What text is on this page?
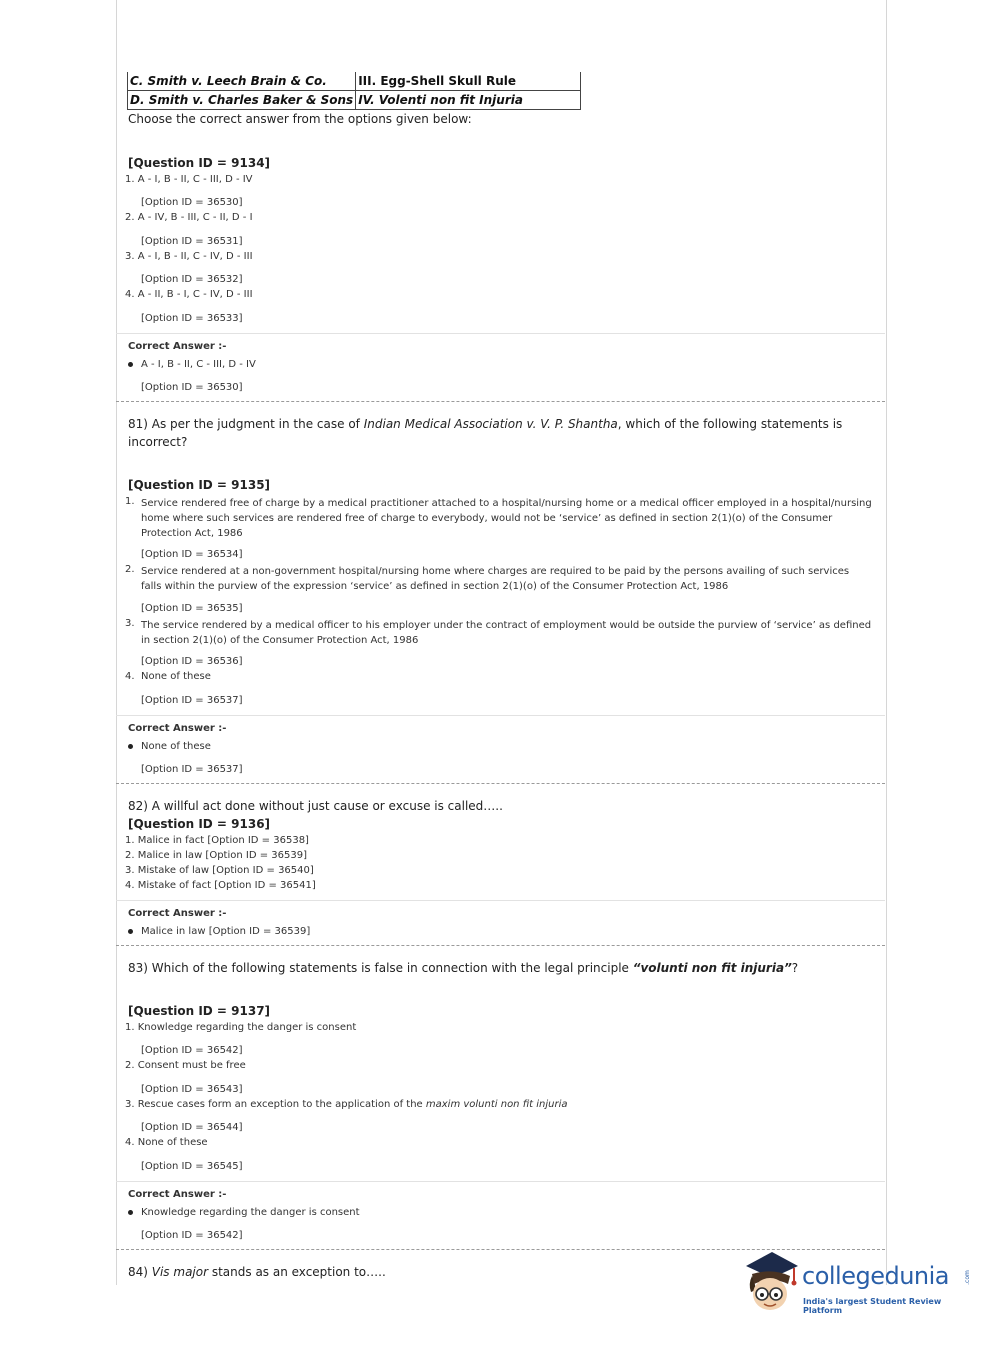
C. Smith v. Leech Brain & Co.	III. Egg-Shell Skull Rule
D. Smith v. Charles Baker & Sons	IV. Volenti non fit Injuria
Choose the correct answer from the options given below:
[Question ID = 9134]
1. A - I, B - II, C - III, D - IV
[Option ID = 36530]
2. A - IV, B - III, C - II, D - I
[Option ID = 36531]
3. A - I, B - II, C - IV, D - III
[Option ID = 36532]
4. A - II, B - I, C - IV, D - III
[Option ID = 36533]
Correct Answer :-
A - I, B - II, C - III, D - IV
[Option ID = 36530]
81) As per the judgment in the case of Indian Medical Association v. V. P. Shantha, which of the following statements is
incorrect?
[Question ID = 9135]
1. Service rendered free of charge by a medical practitioner attached to a hospital/nursing home or a medical officer employed in a hospital/nursing home where such services are rendered free of charge to everybody, would not be ‘service’ as defined in section 2(1)(o) of the Consumer Protection Act, 1986
[Option ID = 36534]
2. Service rendered at a non-government hospital/nursing home where charges are required to be paid by the persons availing of such services falls within the purview of the expression ‘service’ as defined in section 2(1)(o) of the Consumer Protection Act, 1986
[Option ID = 36535]
3. The service rendered by a medical officer to his employer under the contract of employment would be outside the purview of ‘service’ as defined in section 2(1)(o) of the Consumer Protection Act, 1986
[Option ID = 36536]
4. None of these
[Option ID = 36537]
Correct Answer :-
None of these
[Option ID = 36537]
82) A willful act done without just cause or excuse is called…..
[Question ID = 9136]
1. Malice in fact [Option ID = 36538]
2. Malice in law [Option ID = 36539]
3. Mistake of law [Option ID = 36540]
4. Mistake of fact [Option ID = 36541]
Correct Answer :-
Malice in law [Option ID = 36539]
83) Which of the following statements is false in connection with the legal principle “volunti non fit injuria”?
[Question ID = 9137]
1. Knowledge regarding the danger is consent
[Option ID = 36542]
2. Consent must be free
[Option ID = 36543]
3. Rescue cases form an exception to the application of the maxim volunti non fit injuria
[Option ID = 36544]
4. None of these
[Option ID = 36545]
Correct Answer :-
Knowledge regarding the danger is consent
[Option ID = 36542]
84) Vis major stands as an exception to…..	collegedunia .com
India's largest Student Review Platform
